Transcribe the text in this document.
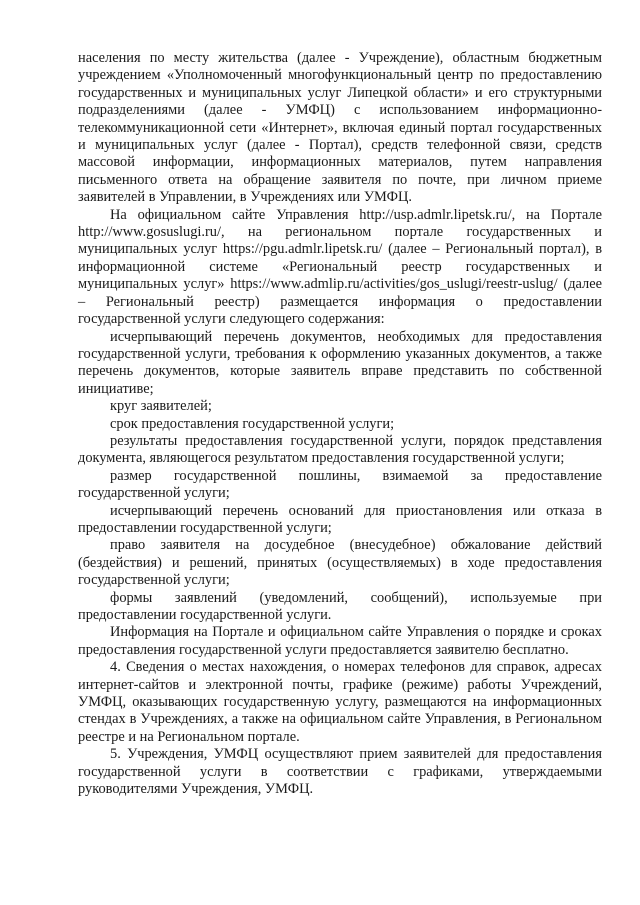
населения по месту жительства (далее - Учреждение), областным бюджетным учреждением «Уполномоченный многофункциональный центр по предоставлению государственных и муниципальных услуг Липецкой области» и его структурными подразделениями (далее - УМФЦ) с использованием информационно-телекоммуникационной сети «Интернет», включая единый портал государственных и муниципальных услуг (далее - Портал), средств телефонной связи, средств массовой информации, информационных материалов, путем направления письменного ответа на обращение заявителя по почте, при личном приеме заявителей в Управлении, в Учреждениях или УМФЦ.

На официальном сайте Управления http://usp.admlr.lipetsk.ru/, на Портале http://www.gosuslugi.ru/, на региональном портале государственных и муниципальных услуг https://pgu.admlr.lipetsk.ru/ (далее – Региональный портал), в информационной системе «Региональный реестр государственных и муниципальных услуг» https://www.admlip.ru/activities/gos_uslugi/reestr-uslug/ (далее – Региональный реестр) размещается информация о предоставлении государственной услуги следующего содержания:

исчерпывающий перечень документов, необходимых для предоставления государственной услуги, требования к оформлению указанных документов, а также перечень документов, которые заявитель вправе представить по собственной инициативе;

круг заявителей;

срок предоставления государственной услуги;

результаты предоставления государственной услуги, порядок представления документа, являющегося результатом предоставления государственной услуги;

размер государственной пошлины, взимаемой за предоставление государственной услуги;

исчерпывающий перечень оснований для приостановления или отказа в предоставлении государственной услуги;

право заявителя на досудебное (внесудебное) обжалование действий (бездействия) и решений, принятых (осуществляемых) в ходе предоставления государственной услуги;

формы заявлений (уведомлений, сообщений), используемые при предоставлении государственной услуги.

Информация на Портале и официальном сайте Управления о порядке и сроках предоставления государственной услуги предоставляется заявителю бесплатно.

4. Сведения о местах нахождения, о номерах телефонов для справок, адресах интернет-сайтов и электронной почты, графике (режиме) работы Учреждений, УМФЦ, оказывающих государственную услугу, размещаются на информационных стендах в Учреждениях, а также на официальном сайте Управления, в Региональном реестре и на Региональном портале.

5. Учреждения, УМФЦ осуществляют прием заявителей для предоставления государственной услуги в соответствии с графиками, утверждаемыми руководителями Учреждения, УМФЦ.
